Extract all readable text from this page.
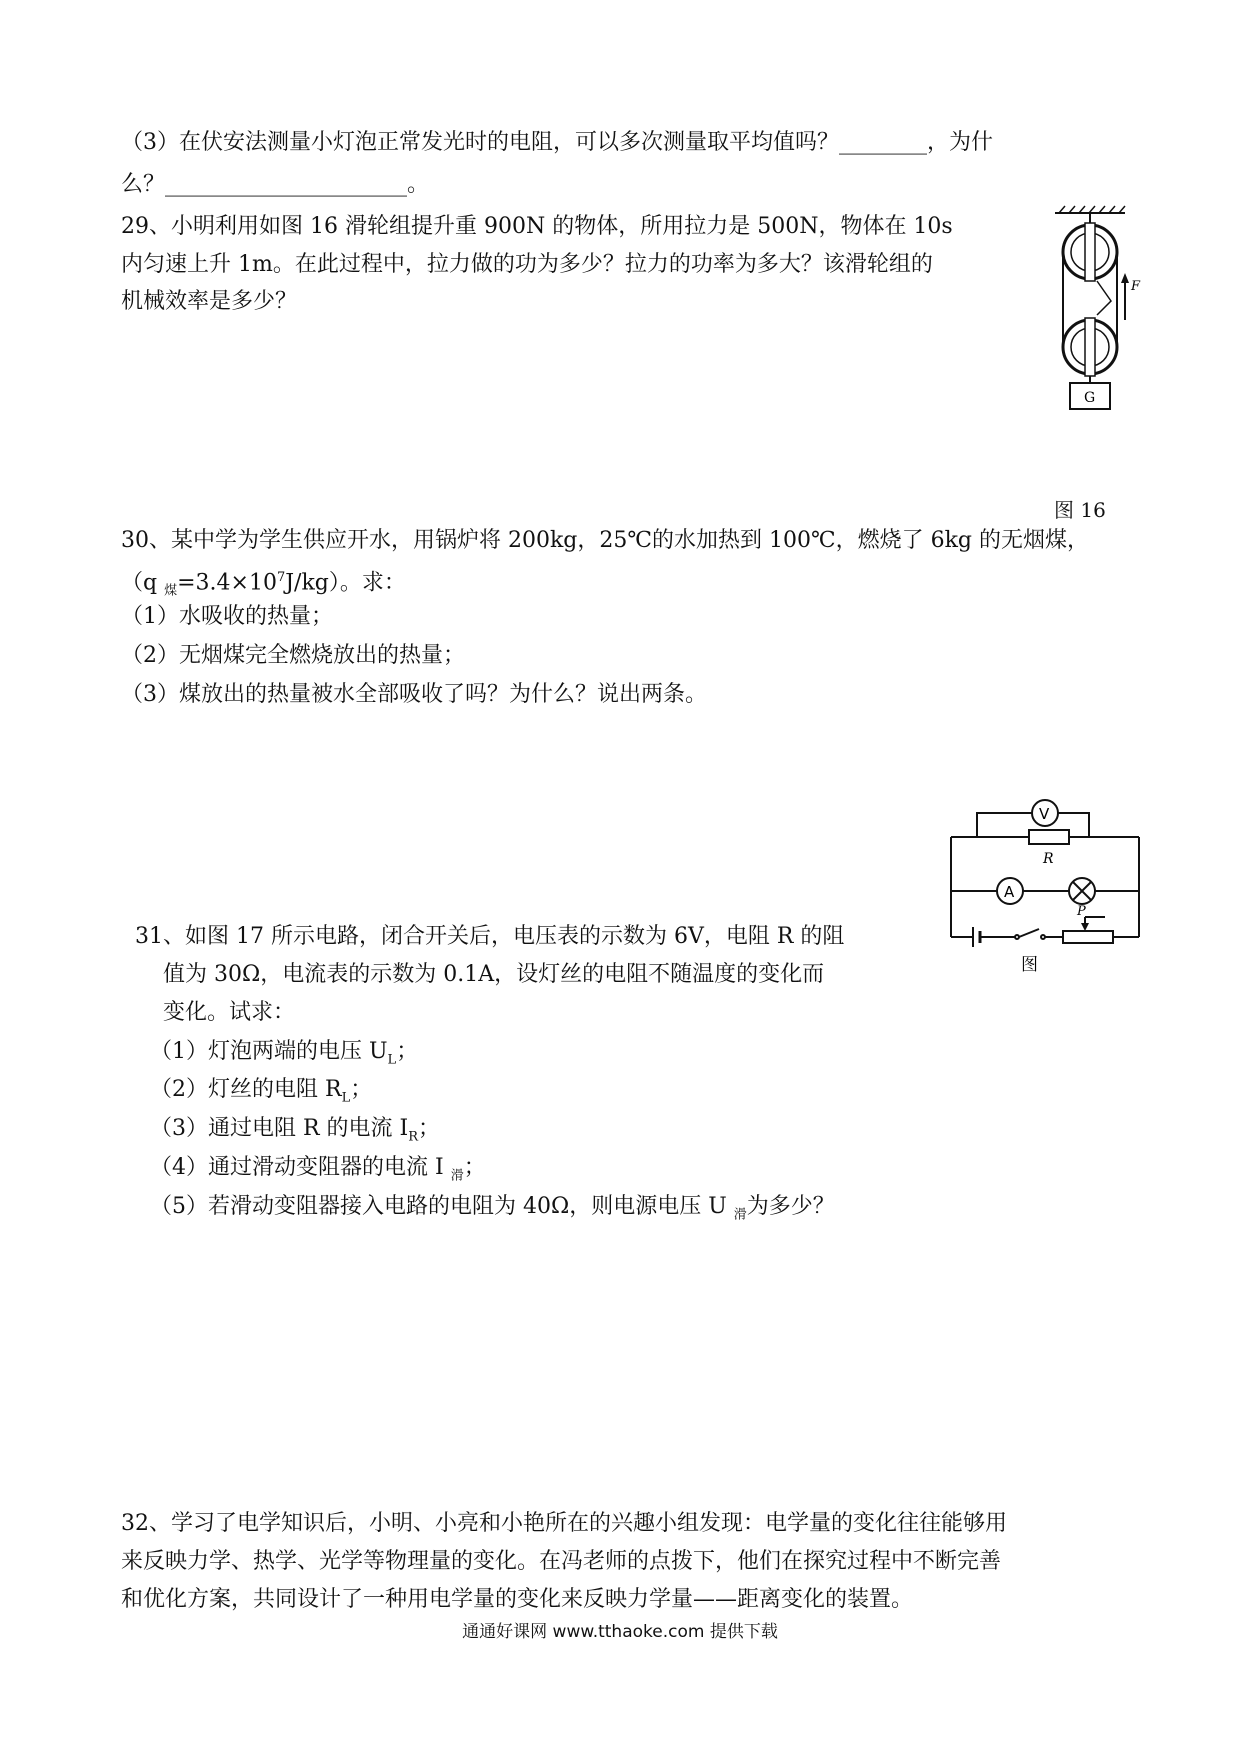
（3）在伏安法测量小灯泡正常发光时的电阻，可以多次测量取平均值吗？________，为什
么？______________________。
29、小明利用如图 16 滑轮组提升重 900N 的物体，所用拉力是 500N，物体在 10s
内匀速上升 1m。在此过程中，拉力做的功为多少？拉力的功率为多大？该滑轮组的
机械效率是多少？
F
G
图 16
30、某中学为学生供应开水，用锅炉将 200kg，25℃的水加热到 100℃，燃烧了 6kg 的无烟煤，
（q $_煤=3.4\times 10^7J/kg$）。求：
（1）水吸收的热量；
（2）无烟煤完全燃烧放出的热量；
（3）煤放出的热量被水全部吸收了吗？为什么？说出两条。
V
R
A
P
图
31、如图 17 所示电路，闭合开关后，电压表的示数为 6V，电阻 R 的阻
值为 30Ω，电流表的示数为 0.1A，设灯丝的电阻不随温度的变化而
变化。试求：
（1）灯泡两端的电压 $U_L$；
（2）灯丝的电阻 $R_L$；
（3）通过电阻 R 的电流 $I_R$；
（4）通过滑动变阻器的电流 I $_滑$；
（5）若滑动变阻器接入电路的电阻为 40Ω，则电源电压 U $_滑$为多少？
32、学习了电学知识后，小明、小亮和小艳所在的兴趣小组发现：电学量的变化往往能够用
来反映力学、热学、光学等物理量的变化。在冯老师的点拨下，他们在探究过程中不断完善
和优化方案，共同设计了一种用电学量的变化来反映力学量——距离变化的装置。
通通好课网 www.tthaoke.com 提供下载
